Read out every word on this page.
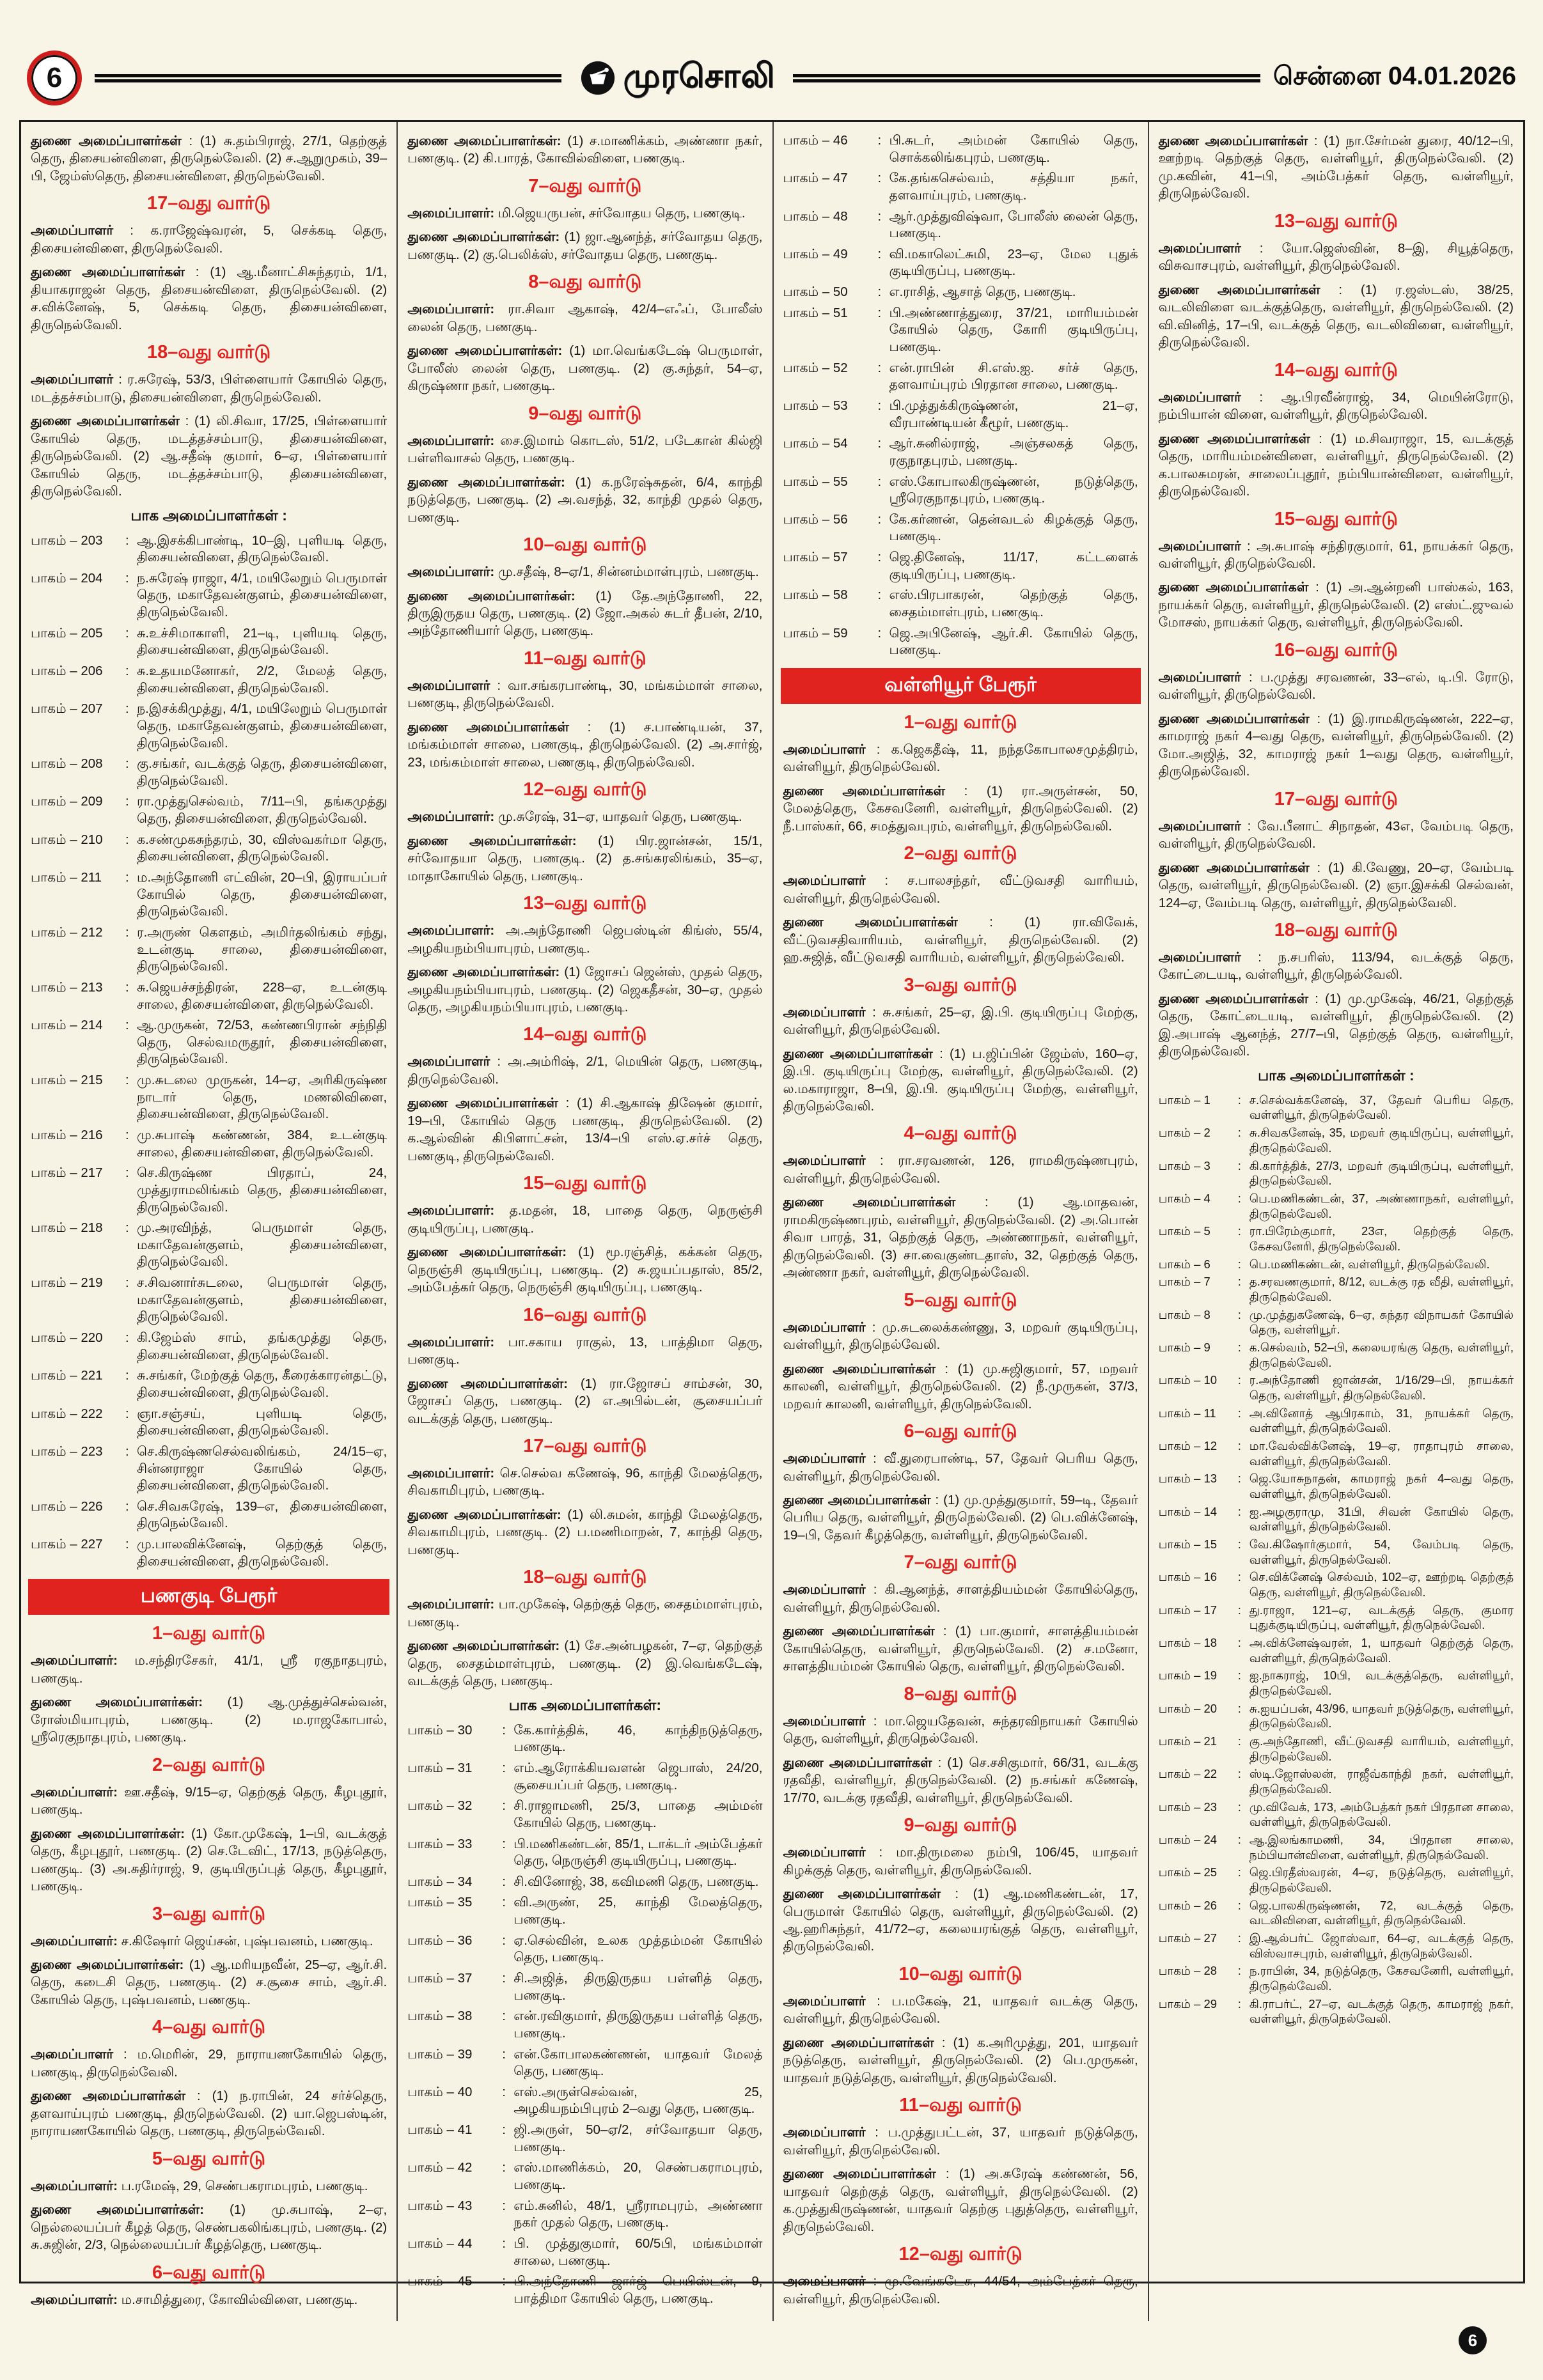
6	முரசொலி	சென்னை 04.01.2026

துணை அமைப்பாளர்கள் : (1) சு.தம்பிராஜ், 27/1, தெற்குத் தெரு, திசையன்விளை, திருநெல்வேலி. (2) ச.ஆறுமுகம், 39–பி, ஜேம்ஸ்தெரு, திசையன்விளை, திருநெல்வேலி.

17–வது வார்டு

அமைப்பாளர் : க.ராஜேஷ்வரன், 5, செக்கடி தெரு, திசையன்விளை, திருநெல்வேலி.

துணை அமைப்பாளர்கள் : (1) ஆ.மீனாட்சிசுந்தரம், 1/1, தியாகராஜன் தெரு, திசையன்விளை, திருநெல்வேலி. (2) ச.விக்னேஷ், 5, செக்கடி தெரு, திசையன்விளை, திருநெல்வேலி.

18–வது வார்டு

அமைப்பாளர் : ர.சுரேஷ், 53/3, பிள்ளையார் கோயில் தெரு, மடத்தச்சம்பாடு, திசையன்விளை, திருநெல்வேலி.

துணை அமைப்பாளர்கள் : (1) லி.சிவா, 17/25, பிள்ளையார் கோயில் தெரு, மடத்தச்சம்பாடு, திசையன்விளை, திருநெல்வேலி. (2) ஆ.சதீஷ் குமார், 6–ஏ, பிள்ளையார் கோயில் தெரு, மடத்தச்சம்பாடு, திசையன்விளை, திருநெல்வேலி.

பாக அமைப்பாளர்கள் :
பாகம் – 203	: ஆ.இசக்கிபாண்டி, 10–இ, புளியடி தெரு, திசையன்விளை, திருநெல்வேலி.
பாகம் – 204	: ந.சுரேஷ் ராஜா, 4/1, மயிலேறும் பெருமாள் தெரு, மகாதேவன்குளம், திசையன்விளை, திருநெல்வேலி.
பாகம் – 205	: சு.உச்சிமாகாளி, 21–டி, புளியடி தெரு, திசையன்விளை, திருநெல்வேலி.
பாகம் – 206	: சு.உதயமனோகர், 2/2, மேலத் தெரு, திசையன்விளை, திருநெல்வேலி.
பாகம் – 207	: ந.இசக்கிமுத்து, 4/1, மயிலேறும் பெருமாள் தெரு, மகாதேவன்குளம், திசையன்விளை, திருநெல்வேலி.
பாகம் – 208	: கு.சங்கர், வடக்குத் தெரு, திசையன்விளை, திருநெல்வேலி.
பாகம் – 209	: ரா.முத்துசெல்வம், 7/11–பி, தங்கமுத்து தெரு, திசையன்விளை, திருநெல்வேலி.
பாகம் – 210	: க.சண்முகசுந்தரம், 30, விஸ்வகர்மா தெரு, திசையன்விளை, திருநெல்வேலி.
பாகம் – 211	: ம.அந்தோணி எட்வின், 20–பி, இராயப்பர் கோயில் தெரு, திசையன்விளை, திருநெல்வேலி.
பாகம் – 212	: ர.அருண் கௌதம், அமிர்தலிங்கம் சந்து, உடன்குடி சாலை, திசையன்விளை, திருநெல்வேலி.
பாகம் – 213	: சு.ஜெயச்சந்திரன், 228–ஏ, உடன்குடி சாலை, திசையன்விளை, திருநெல்வேலி.
பாகம் – 214	: ஆ.முருகன், 72/53, கண்ணபிரான் சந்நிதி தெரு, செல்வமருதூர், திசையன்விளை, திருநெல்வேலி.
பாகம் – 215	: மு.சுடலை முருகன், 14–ஏ, அரிகிருஷ்ண நாடார் தெரு, மணலிவிளை, திசையன்விளை, திருநெல்வேலி.
பாகம் – 216	: மு.சுபாஷ் கண்ணன், 384, உடன்குடி சாலை, திசையன்விளை, திருநெல்வேலி.
பாகம் – 217	: செ.கிருஷ்ண பிரதாப், 24, முத்துராமலிங்கம் தெரு, திசையன்விளை, திருநெல்வேலி.
பாகம் – 218	: மு.அரவிந்த், பெருமாள் தெரு, மகாதேவன்குளம், திசையன்விளை, திருநெல்வேலி.
பாகம் – 219	: ச.சிவனார்சுடலை, பெருமாள் தெரு, மகாதேவன்குளம், திசையன்விளை, திருநெல்வேலி.
பாகம் – 220	: கி.ஜேம்ஸ் சாம், தங்கமுத்து தெரு, திசையன்விளை, திருநெல்வேலி.
பாகம் – 221	: சு.சங்கர், மேற்குத் தெரு, கீரைக்காரன்தட்டு, திசையன்விளை, திருநெல்வேலி.
பாகம் – 222	: ஞா.சஞ்சய், புளியடி தெரு, திசையன்விளை, திருநெல்வேலி.
பாகம் – 223	: செ.கிருஷ்ணசெல்வலிங்கம், 24/15–ஏ, சின்னராஜா கோயில் தெரு, திசையன்விளை, திருநெல்வேலி.
பாகம் – 226	: செ.சிவசுரேஷ், 139–எ, திசையன்விளை, திருநெல்வேலி.
பாகம் – 227	: மு.பாலவிக்னேஷ், தெற்குத் தெரு, திசையன்விளை, திருநெல்வேலி.
பணகுடி பேரூர்
1–வது வார்டு

அமைப்பாளர்: ம.சந்திரசேகர், 41/1, ஸ்ரீ ரகுநாதபுரம், பணகுடி.

துணை அமைப்பாளர்கள்: (1) ஆ.முத்துச்செல்வன், ரோஸ்மியாபுரம், பணகுடி. (2) ம.ராஜகோபால், ஸ்ரீரெகுநாதபுரம், பணகுடி.

2–வது வார்டு

அமைப்பாளர்: ஊ.சதீஷ், 9/15–ஏ, தெற்குத் தெரு, கீழபுதூர், பணகுடி.

துணை அமைப்பாளர்கள்: (1) கோ.முகேஷ், 1–பி, வடக்குத் தெரு, கீழபுதூர், பணகுடி. (2) செ.டேவிட், 17/13, நடுத்தெரு, பணகுடி. (3) அ.சுதிர்ராஜ், 9, குடியிருப்புத் தெரு, கீழபுதூர், பணகுடி.

3–வது வார்டு

அமைப்பாளர்: ச.கிஷோர் ஜெய்சன், புஷ்பவனம், பணகுடி.

துணை அமைப்பாளர்கள்: (1) ஆ.மரியநவீன், 25–ஏ, ஆர்.சி. தெரு, கடைசி தெரு, பணகுடி. (2) ச.சூசை சாம், ஆர்.சி. கோயில் தெரு, புஷ்பவனம், பணகுடி.

4–வது வார்டு

அமைப்பாளர் : ம.மெரின், 29, நாராயணகோயில் தெரு, பணகுடி, திருநெல்வேலி.

துணை அமைப்பாளர்கள் : (1) ந.ராபின், 24 சர்ச்தெரு, தளவாய்புரம் பணகுடி, திருநெல்வேலி. (2) யா.ஜெபஸ்டின், நாராயணகோயில் தெரு, பணகுடி, திருநெல்வேலி.

5–வது வார்டு

அமைப்பாளர்: ப.ரமேஷ், 29, செண்பகராமபுரம், பணகுடி.

துணை அமைப்பாளர்கள்: (1) மு.சுபாஷ், 2–ஏ, நெல்லையப்பர் கீழத் தெரு, செண்பகலிங்கபுரம், பணகுடி. (2) சு.சுஜின், 2/3, நெல்லையப்பர் கீழத்தெரு, பணகுடி.

6–வது வார்டு

அமைப்பாளர்: ம.சாமித்துரை, கோவில்விளை, பணகுடி.

துணை அமைப்பாளர்கள்: (1) ச.மாணிக்கம், அண்ணா நகர், பணகுடி. (2) கி.பாரத், கோவில்விளை, பணகுடி.

7–வது வார்டு

அமைப்பாளர்: மி.ஜெயருபன், சர்வோதய தெரு, பணகுடி.

துணை அமைப்பாளர்கள்: (1) ஜா.ஆனந்த், சர்வோதய தெரு, பணகுடி. (2) கு.பெலிக்ஸ், சர்வோதய தெரு, பணகுடி.

8–வது வார்டு

அமைப்பாளர்: ரா.சிவா ஆகாஷ், 42/4–எஃப், போலீஸ் லைன் தெரு, பணகுடி.

துணை அமைப்பாளர்கள்: (1) மா.வெங்கடேஷ் பெருமாள், போலீஸ் லைன் தெரு, பணகுடி. (2) கு.சுந்தர், 54–ஏ, கிருஷ்ணா நகர், பணகுடி.

9–வது வார்டு

அமைப்பாளர்: சை.இமாம் கொடஸ், 51/2, படேகான் கில்ஜி பள்ளிவாசல் தெரு, பணகுடி.

துணை அமைப்பாளர்கள்: (1) க.நரேஷ்சுதன், 6/4, காந்தி நடுத்தெரு, பணகுடி. (2) அ.வசந்த், 32, காந்தி முதல் தெரு, பணகுடி.

10–வது வார்டு

அமைப்பாளர்: மு.சதீஷ், 8–ஏ/1, சின்னம்மாள்புரம், பணகுடி.

துணை அமைப்பாளர்கள்: (1) தே.அந்தோணி, 22, திருஇருதய தெரு, பணகுடி. (2) ஜோ.அகல் சுடர் தீபன், 2/10, அந்தோணியார் தெரு, பணகுடி.

11–வது வார்டு

அமைப்பாளர் : வா.சங்கரபாண்டி, 30, மங்கம்மாள் சாலை, பணகுடி, திருநெல்வேலி.

துணை அமைப்பாளர்கள் : (1) ச.பாண்டியன், 37, மங்கம்மாள் சாலை, பணகுடி, திருநெல்வேலி. (2) அ.சார்ஜ், 23, மங்கம்மாள் சாலை, பணகுடி, திருநெல்வேலி.

12–வது வார்டு

அமைப்பாளர்: மு.சுரேஷ், 31–ஏ, யாதவர் தெரு, பணகுடி.

துணை அமைப்பாளர்கள்: (1) பிர.ஜான்சன், 15/1, சர்வோதயா தெரு, பணகுடி. (2) த.சங்கரலிங்கம், 35–ஏ, மாதாகோயில் தெரு, பணகுடி.

13–வது வார்டு

அமைப்பாளர்: அ.அந்தோணி ஜெபஸ்டின் கிங்ஸ், 55/4, அழகியநம்பியாபுரம், பணகுடி.

துணை அமைப்பாளர்கள்: (1) ஜோசப் ஜென்ஸ், முதல் தெரு, அழகியநம்பியாபுரம், பணகுடி. (2) ஜெகதீசன், 30–ஏ, முதல் தெரு, அழகியநம்பியாபுரம், பணகுடி.

14–வது வார்டு

அமைப்பாளர் : அ.அம்ரிஷ், 2/1, மெயின் தெரு, பணகுடி, திருநெல்வேலி.

துணை அமைப்பாளர்கள் : (1) சி.ஆகாஷ் திஷேன் குமார், 19–பி, கோயில் தெரு பணகுடி, திருநெல்வேலி. (2) க.ஆல்வின் கிபிளாட்சன், 13/4–பி எஸ்.ஏ.சர்ச் தெரு, பணகுடி, திருநெல்வேலி.

15–வது வார்டு

அமைப்பாளர்: த.மதன், 18, பாதை தெரு, நெருஞ்சி குடியிருப்பு, பணகுடி.

துணை அமைப்பாளர்கள்: (1) மூ.ரஞ்சித், கக்கன் தெரு, நெருஞ்சி குடியிருப்பு, பணகுடி. (2) சு.ஜயப்பதாஸ், 85/2, அம்பேத்கர் தெரு, நெருஞ்சி குடியிருப்பு, பணகுடி.

16–வது வார்டு

அமைப்பாளர்: பா.சகாய ராகுல், 13, பாத்திமா தெரு, பணகுடி.

துணை அமைப்பாளர்கள்: (1) ரா.ஜோசப் சாம்சன், 30, ஜோசப் தெரு, பணகுடி. (2) எ.அபில்டன், சூசையப்பர் வடக்குத் தெரு, பணகுடி.

17–வது வார்டு

அமைப்பாளர்: செ.செல்வ கணேஷ், 96, காந்தி மேலத்தெரு, சிவகாமிபுரம், பணகுடி.

துணை அமைப்பாளர்கள்: (1) லி.சுமன், காந்தி மேலத்தெரு, சிவகாமிபுரம், பணகுடி. (2) ப.மணிமாறன், 7, காந்தி தெரு, பணகுடி.

18–வது வார்டு

அமைப்பாளர்: பா.முகேஷ், தெற்குத் தெரு, சைதம்மாள்புரம், பணகுடி.

துணை அமைப்பாளர்கள்: (1) சே.அன்பழகன், 7–ஏ, தெற்குத் தெரு, சைதம்மாள்புரம், பணகுடி. (2) இ.வெங்கடேஷ், வடக்குத் தெரு, பணகுடி.

பாக அமைப்பாளர்கள்:
பாகம் – 30	: கே.கார்த்திக், 46, காந்திநடுத்தெரு, பணகுடி.
பாகம் – 31	: எம்.ஆரோக்கியவளன் ஜெபாஸ், 24/20, சூசையப்பர் தெரு, பணகுடி.
பாகம் – 32	: சி.ராஜாமணி, 25/3, பாதை அம்மன் கோயில் தெரு, பணகுடி.
பாகம் – 33	: பி.மணிகண்டன், 85/1, டாக்டர் அம்பேத்கர் தெரு, நெருஞ்சி குடியிருப்பு, பணகுடி.
பாகம் – 34	: சி.வினோஜ், 38, கவிமணி தெரு, பணகுடி.
பாகம் – 35	: வி.அருண், 25, காந்தி மேலத்தெரு, பணகுடி.
பாகம் – 36	: ஏ.செல்வின், உலக முத்தம்மன் கோயில் தெரு, பணகுடி.
பாகம் – 37	: சி.அஜித், திருஇருதய பள்ளித் தெரு, பணகுடி.
பாகம் – 38	: என்.ரவிகுமார், திருஇருதய பள்ளித் தெரு, பணகுடி.
பாகம் – 39	: என்.கோபாலகண்ணன், யாதவர் மேலத் தெரு, பணகுடி.
பாகம் – 40	: எஸ்.அருள்செல்வன், 25, அழகியநம்பிபுரம் 2–வது தெரு, பணகுடி.
பாகம் – 41	: ஜி.அருள், 50–ஏ/2, சர்வோதயா தெரு, பணகுடி.
பாகம் – 42	: எஸ்.மாணிக்கம், 20, செண்பகராமபுரம், பணகுடி.
பாகம் – 43	: எம்.சுனில், 48/1, ஸ்ரீராமபுரம், அண்ணா நகர் முதல் தெரு, பணகுடி.
பாகம் – 44	: பி. முத்துகுமார், 60/5பி, மங்கம்மாள் சாலை, பணகுடி.
பாகம் – 45	: பி.அந்தோணி ஜார்ஜ் பெயிஸ்டன், 9, பாத்திமா கோயில் தெரு, பணகுடி.
பாகம் – 46	: பி.சுடர், அம்மன் கோயில் தெரு, சொக்கலிங்கபுரம், பணகுடி.
பாகம் – 47	: கே.தங்கசெல்வம், சத்தியா நகர், தளவாய்புரம், பணகுடி.
பாகம் – 48	: ஆர்.முத்துவிஷ்வா, போலீஸ் லைன் தெரு, பணகுடி.
பாகம் – 49	: வி.மகாலெட்சுமி, 23–ஏ, மேல புதுக் குடியிருப்பு, பணகுடி.
பாகம் – 50	: எ.ராசித், ஆசாத் தெரு, பணகுடி.
பாகம் – 51	: பி.அண்ணாத்துரை, 37/21, மாரியம்மன் கோயில் தெரு, கோரி குடியிருப்பு, பணகுடி.
பாகம் – 52	: என்.ராபின் சி.எஸ்.ஐ. சர்ச் தெரு, தளவாய்புரம் பிரதான சாலை, பணகுடி.
பாகம் – 53	: பி.முத்துக்கிருஷ்ணன், 21–ஏ, வீரபாண்டியன் கீழூர், பணகுடி.
பாகம் – 54	: ஆர்.சுனில்ராஜ், அஞ்சலகத் தெரு, ரகுநாதபுரம், பணகுடி.
பாகம் – 55	: எஸ்.கோபாலகிருஷ்ணன், நடுத்தெரு, ஸ்ரீரெகுநாதபுரம், பணகுடி.
பாகம் – 56	: கே.கர்ணன், தென்வடல் கிழக்குத் தெரு, பணகுடி.
பாகம் – 57	: ஜெ.தினேஷ், 11/17, கட்டளைக் குடியிருப்பு, பணகுடி.
பாகம் – 58	: எஸ்.பிரபாகரன், தெற்குத் தெரு, சைதம்மாள்புரம், பணகுடி.
பாகம் – 59	: ஜெ.அபினேஷ், ஆர்.சி. கோயில் தெரு, பணகுடி.
வள்ளியூர் பேரூர்
1–வது வார்டு

அமைப்பாளர் : க.ஜெகதீஷ், 11, நந்தகோபாலசமுத்திரம், வள்ளியூர், திருநெல்வேலி.

துணை அமைப்பாளர்கள் : (1) ரா.அருள்சன், 50, மேலத்தெரு, கேசவனேரி, வள்ளியூர், திருநெல்வேலி. (2) நீ.பாஸ்கர், 66, சமத்துவபுரம், வள்ளியூர், திருநெல்வேலி.

2–வது வார்டு

அமைப்பாளர் : ச.பாலசந்தர், வீட்டுவசதி வாரியம், வள்ளியூர், திருநெல்வேலி.

துணை அமைப்பாளர்கள் : (1) ரா.விவேக், வீட்டுவசதிவாரியம், வள்ளியூர், திருநெல்வேலி. (2) ஹ.சுஜித், வீட்டுவசதி வாரியம், வள்ளியூர், திருநெல்வேலி.

3–வது வார்டு

அமைப்பாளர் : சு.சங்கர், 25–ஏ, இ.பி. குடியிருப்பு மேற்கு, வள்ளியூர், திருநெல்வேலி.

துணை அமைப்பாளர்கள் : (1) ப.ஜிப்பின் ஜேம்ஸ், 160–ஏ, இ.பி. குடியிருப்பு மேற்கு, வள்ளியூர், திருநெல்வேலி. (2) ல.மகாராஜா, 8–பி, இ.பி. குடியிருப்பு மேற்கு, வள்ளியூர், திருநெல்வேலி.

4–வது வார்டு

அமைப்பாளர் : ரா.சரவணன், 126, ராமகிருஷ்ணபுரம், வள்ளியூர், திருநெல்வேலி.

துணை அமைப்பாளர்கள் : (1) ஆ.மாதவன், ராமகிருஷ்ணபுரம், வள்ளியூர், திருநெல்வேலி. (2) அ.பொன் சிவா பாரத், 31, தெற்குத் தெரு, அண்ணாநகர், வள்ளியூர், திருநெல்வேலி. (3) சா.வைகுண்டதாஸ், 32, தெற்குத் தெரு, அண்ணா நகர், வள்ளியூர், திருநெல்வேலி.

5–வது வார்டு

அமைப்பாளர் : மு.சுடலைக்கண்ணு, 3, மறவர் குடியிருப்பு, வள்ளியூர், திருநெல்வேலி.

துணை அமைப்பாளர்கள் : (1) மு.சுஜிகுமார், 57, மறவர் காலனி, வள்ளியூர், திருநெல்வேலி. (2) நீ.முருகன், 37/3, மறவர் காலனி, வள்ளியூர், திருநெல்வேலி.

6–வது வார்டு

அமைப்பாளர் : வீ.துரைபாண்டி, 57, தேவர் பெரிய தெரு, வள்ளியூர், திருநெல்வேலி.

துணை அமைப்பாளர்கள் : (1) மு.முத்துகுமார், 59–டி, தேவர் பெரிய தெரு, வள்ளியூர், திருநெல்வேலி. (2) பெ.விக்னேஷ், 19–பி, தேவர் கீழத்தெரு, வள்ளியூர், திருநெல்வேலி.

7–வது வார்டு

அமைப்பாளர் : கி.ஆனந்த், சாளத்தியம்மன் கோயில்தெரு, வள்ளியூர், திருநெல்வேலி.

துணை அமைப்பாளர்கள் : (1) பா.குமார், சாளத்தியம்மன் கோயில்தெரு, வள்ளியூர், திருநெல்வேலி. (2) ச.மனோ, சாளத்தியம்மன் கோயில் தெரு, வள்ளியூர், திருநெல்வேலி.

8–வது வார்டு

அமைப்பாளர் : மா.ஜெயதேவன், சுந்தரவிநாயகர் கோயில் தெரு, வள்ளியூர், திருநெல்வேலி.

துணை அமைப்பாளர்கள் : (1) செ.சசிகுமார், 66/31, வடக்கு ரதவீதி, வள்ளியூர், திருநெல்வேலி. (2) ந.சங்கர் கணேஷ், 17/70, வடக்கு ரதவீதி, வள்ளியூர், திருநெல்வேலி.

9–வது வார்டு

அமைப்பாளர் : மா.திருமலை நம்பி, 106/45, யாதவர் கிழக்குத் தெரு, வள்ளியூர், திருநெல்வேலி.

துணை அமைப்பாளர்கள் : (1) ஆ.மணிகண்டன், 17, பெருமாள் கோயில் தெரு, வள்ளியூர், திருநெல்வேலி. (2) ஆ.ஹரிசுந்தர், 41/72–ஏ, கலையரங்குத் தெரு, வள்ளியூர், திருநெல்வேலி.

10–வது வார்டு

அமைப்பாளர் : ப.மகேஷ், 21, யாதவர் வடக்கு தெரு, வள்ளியூர், திருநெல்வேலி.

துணை அமைப்பாளர்கள் : (1) க.அரிமுத்து, 201, யாதவர் நடுத்தெரு, வள்ளியூர், திருநெல்வேலி. (2) பெ.முருகன், யாதவர் நடுத்தெரு, வள்ளியூர், திருநெல்வேலி.

11–வது வார்டு

அமைப்பாளர் : ப.முத்துபட்டன், 37, யாதவர் நடுத்தெரு, வள்ளியூர், திருநெல்வேலி.

துணை அமைப்பாளர்கள் : (1) அ.சுரேஷ் கண்ணன், 56, யாதவர் தெற்குத் தெரு, வள்ளியூர், திருநெல்வேலி. (2) க.முத்துகிருஷ்ணன், யாதவர் தெற்கு புதுத்தெரு, வள்ளியூர், திருநெல்வேலி.

12–வது வார்டு

அமைப்பாளர் : மு.வேங்கடேசு, 44/54, அம்பேத்கர் தெரு, வள்ளியூர், திருநெல்வேலி.

துணை அமைப்பாளர்கள் : (1) நா.சேர்மன் துரை, 40/12–பி, ஊற்றடி தெற்குத் தெரு, வள்ளியூர், திருநெல்வேலி. (2) மு.கவின், 41–பி, அம்பேத்கர் தெரு, வள்ளியூர், திருநெல்வேலி.

13–வது வார்டு

அமைப்பாளர் : யோ.ஜெஸ்வின், 8–இ, சியூத்தெரு, விசுவாசபுரம், வள்ளியூர், திருநெல்வேலி.

துணை அமைப்பாளர்கள் : (1) ர.ஜஸ்டஸ், 38/25, வடலிவிளை வடக்குத்தெரு, வள்ளியூர், திருநெல்வேலி. (2) வி.வினித், 17–பி, வடக்குத் தெரு, வடலிவிளை, வள்ளியூர், திருநெல்வேலி.

14–வது வார்டு

அமைப்பாளர் : ஆ.பிரவீன்ராஜ், 34, மெயின்ரோடு, நம்பியான் விளை, வள்ளியூர், திருநெல்வேலி.

துணை அமைப்பாளர்கள் : (1) ம.சிவராஜா, 15, வடக்குத் தெரு, மாரியம்மன்விளை, வள்ளியூர், திருநெல்வேலி. (2) க.பாலசுமரன், சாலைப்புதூர், நம்பியான்விளை, வள்ளியூர், திருநெல்வேலி.

15–வது வார்டு

அமைப்பாளர் : அ.சுபாஷ் சந்திரகுமார், 61, நாயக்கர் தெரு, வள்ளியூர், திருநெல்வேலி.

துணை அமைப்பாளர்கள் : (1) அ.ஆன்றனி பாஸ்கல், 163, நாயக்கர் தெரு, வள்ளியூர், திருநெல்வேலி. (2) எஸ்ட்.ஜுவல் மோசஸ், நாயக்கர் தெரு, வள்ளியூர், திருநெல்வேலி.

16–வது வார்டு

அமைப்பாளர் : ப.முத்து சரவணன், 33–எல், டி.பி. ரோடு, வள்ளியூர், திருநெல்வேலி.

துணை அமைப்பாளர்கள் : (1) இ.ராமகிருஷ்ணன், 222–ஏ, காமராஜ் நகர் 4–வது தெரு, வள்ளியூர், திருநெல்வேலி. (2) மோ.அஜித், 32, காமராஜ் நகர் 1–வது தெரு, வள்ளியூர், திருநெல்வேலி.

17–வது வார்டு

அமைப்பாளர் : வே.பீனாட் சிநாதன், 43எ, வேம்படி தெரு, வள்ளியூர், திருநெல்வேலி.

துணை அமைப்பாளர்கள் : (1) கி.வேணு, 20–ஏ, வேம்படி தெரு, வள்ளியூர், திருநெல்வேலி. (2) ஞா.இசக்கி செல்வன், 124–ஏ, வேம்படி தெரு, வள்ளியூர், திருநெல்வேலி.

18–வது வார்டு

அமைப்பாளர் : ந.சபரிஸ், 113/94, வடக்குத் தெரு, கோட்டையடி, வள்ளியூர், திருநெல்வேலி.

துணை அமைப்பாளர்கள் : (1) மு.முகேஷ், 46/21, தெற்குத் தெரு, கோட்டையடி, வள்ளியூர், திருநெல்வேலி. (2) இ.அபாஷ் ஆனந்த், 27/7–பி, தெற்குத் தெரு, வள்ளியூர், திருநெல்வேலி.

பாக அமைப்பாளர்கள் :
பாகம் – 1	: ச.செல்வக்கனேஷ், 37, தேவர் பெரிய தெரு, வள்ளியூர், திருநெல்வேலி.
பாகம் – 2	: சு.சிவகனேஷ், 35, மறவர் குடியிருப்பு, வள்ளியூர், திருநெல்வேலி.
பாகம் – 3	: கி.கார்த்திக், 27/3, மறவர் குடியிருப்பு, வள்ளியூர், திருநெல்வேலி.
பாகம் – 4	: பெ.மணிகண்டன், 37, அண்ணாநகர், வள்ளியூர், திருநெல்வேலி.
பாகம் – 5	: ரா.பிரேம்குமார், 23எ, தெற்குத் தெரு, கேசவனேரி, திருநெல்வேலி.
பாகம் – 6	: பெ.மணிகண்டன், வள்ளியூர், திருநெல்வேலி.
பாகம் – 7	: த.சரவணகுமார், 8/12, வடக்கு ரத வீதி, வள்ளியூர், திருநெல்வேலி.
பாகம் – 8	: மு.முத்துகணேஷ், 6–ஏ, சுந்தர விநாயகர் கோயில் தெரு, வள்ளியூர்.
பாகம் – 9	: க.செல்வம், 52–பி, கலையரங்கு தெரு, வள்ளியூர், திருநெல்வேலி.
பாகம் – 10	: ர.அந்தோணி ஜான்சன், 1/16/29–பி, நாயக்கர் தெரு, வள்ளியூர், திருநெல்வேலி.
பாகம் – 11	: அ.வினோத் ஆபிரகாம், 31, நாயக்கர் தெரு, வள்ளியூர், திருநெல்வேலி.
பாகம் – 12	: மா.வேல்விக்னேஷ், 19–ஏ, ராதாபுரம் சாலை, வள்ளியூர், திருநெல்வேலி.
பாகம் – 13	: ஜெ.யோசுநாதன், காமராஜ் நகர் 4–வது தெரு, வள்ளியூர், திருநெல்வேலி.
பாகம் – 14	: ஐ.அழகுராமு, 31பி, சிவன் கோயில் தெரு, வள்ளியூர், திருநெல்வேலி.
பாகம் – 15	: வே.கிஷோர்குமார், 54, வேம்படி தெரு, வள்ளியூர், திருநெல்வேலி.
பாகம் – 16	: செ.விக்னேஷ் செல்வம், 102–ஏ, ஊற்றடி தெற்குத் தெரு, வள்ளியூர், திருநெல்வேலி.
பாகம் – 17	: து.ராஜா, 121–ஏ, வடக்குத் தெரு, குமார புதுக்குடியிருப்பு, வள்ளியூர், திருநெல்வேலி.
பாகம் – 18	: அ.விக்னேஷ்வரன், 1, யாதவர் தெற்குத் தெரு, வள்ளியூர், திருநெல்வேலி.
பாகம் – 19	: ஐ.நாகராஜ், 10பி, வடக்குத்தெரு, வள்ளியூர், திருநெல்வேலி.
பாகம் – 20	: சு.ஐயப்பன், 43/96, யாதவர் நடுத்தெரு, வள்ளியூர், திருநெல்வேலி.
பாகம் – 21	: கு.அந்தோணி, வீட்டுவசதி வாரியம், வள்ளியூர், திருநெல்வேலி.
பாகம் – 22	: ஸ்டி.ஜோஸ்லன், ராஜீவ்காந்தி நகர், வள்ளியூர், திருநெல்வேலி.
பாகம் – 23	: மு.விவேக், 173, அம்பேத்கர் நகர் பிரதான சாலை, வள்ளியூர், திருநெல்வேலி.
பாகம் – 24	: ஆ.இலங்காமணி, 34, பிரதான சாலை, நம்பியான்விளை, வள்ளியூர், திருநெல்வேலி.
பாகம் – 25	: ஜெ.பிரதீஸ்வரன், 4–ஏ, நடுத்தெரு, வள்ளியூர், திருநெல்வேலி.
பாகம் – 26	: ஜெ.பாலகிருஷ்ணன், 72, வடக்குத் தெரு, வடலிவிளை, வள்ளியூர், திருநெல்வேலி.
பாகம் – 27	: இ.ஆல்பர்ட் ஜோஸ்வா, 64–ஏ, வடக்குத் தெரு, விஸ்வாசபுரம், வள்ளியூர், திருநெல்வேலி.
பாகம் – 28	: ந.ராபின், 34, நடுத்தெரு, கேசவனேரி, வள்ளியூர், திருநெல்வேலி.
பாகம் – 29	: கி.ராபர்ட், 27–ஏ, வடக்குத் தெரு, காமராஜ் நகர், வள்ளியூர், திருநெல்வேலி.
6
